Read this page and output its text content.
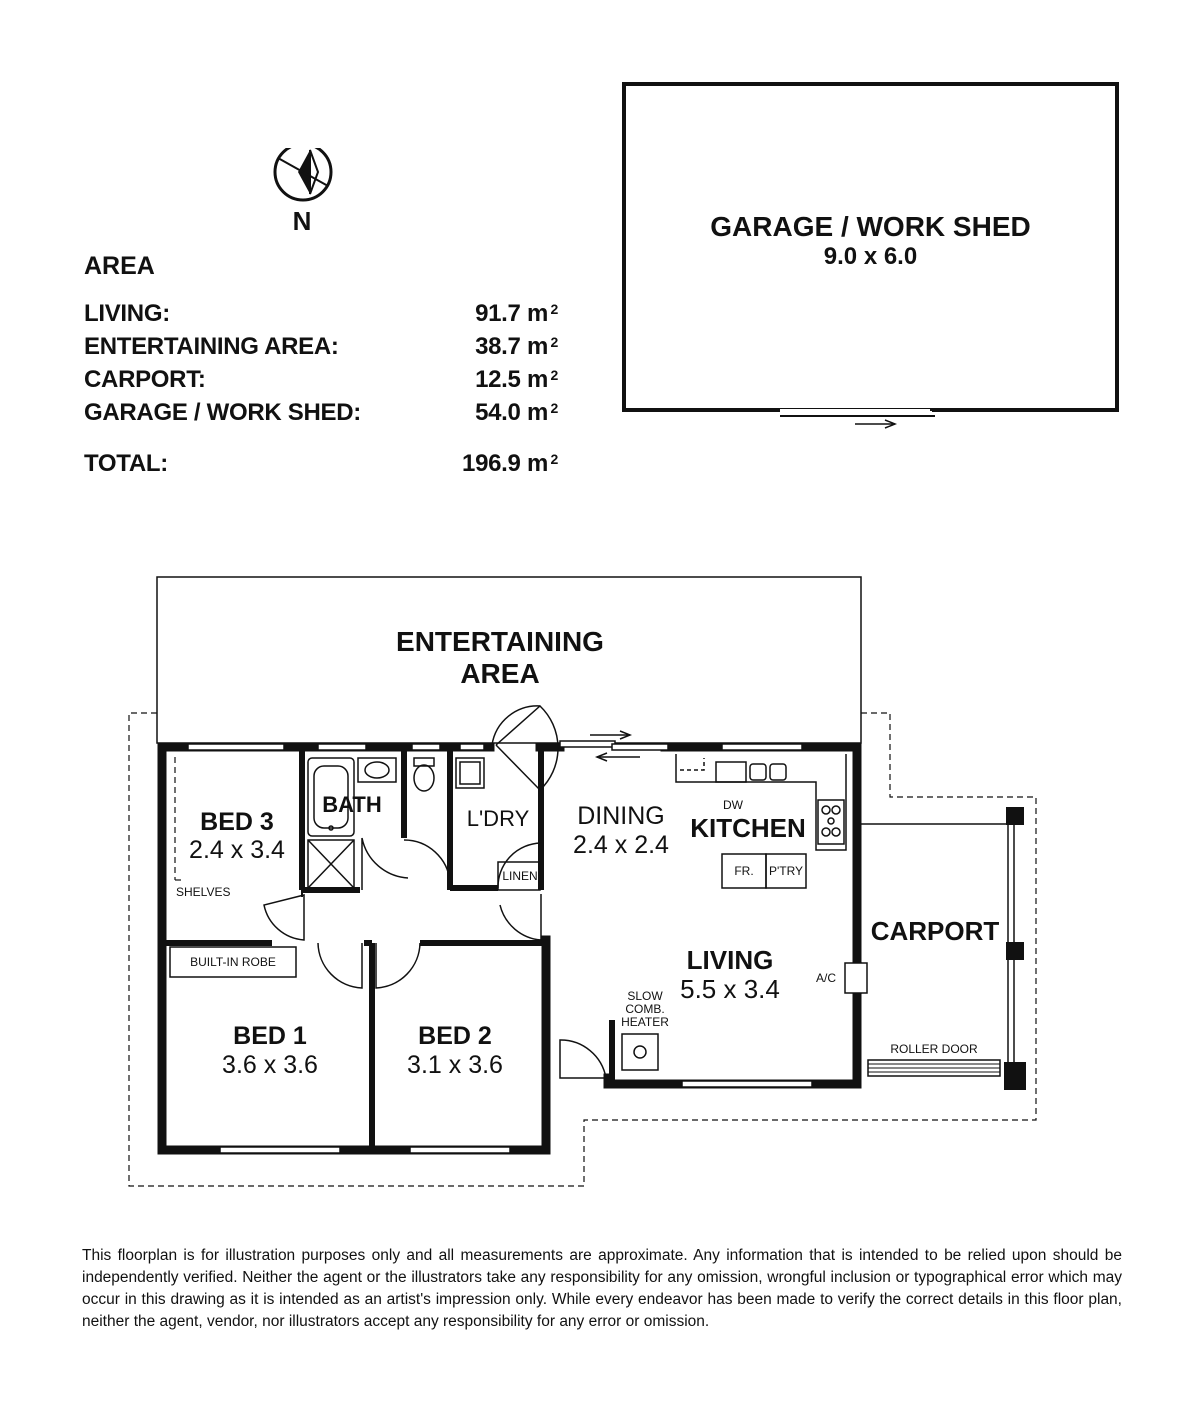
N
AREA
LIVING:	91.7 m 2
ENTERTAINING AREA:	38.7 m 2
CARPORT:	12.5 m 2
GARAGE / WORK SHED:	54.0 m 2
TOTAL:	196.9 m 2
GARAGE / WORK SHED
9.0 x 6.0
ENTERTAINING
AREA
BED 3
2.4 x 3.4
BATH
L'DRY	DINING
2.4 x 2.4
KITCHEN
CARPORT
LIVING
5.5 x 3.4
BED 1
3.6 x 3.6
BED 2
3.1 x 3.6
SHELVES
LINEN
DW
FR.	P'TRY
BUILT-IN ROBE
A/C
SLOW
COMB.
HEATER
ROLLER DOOR
This floorplan is for illustration purposes only and all measurements are approximate. Any information that is intended to be relied upon should be independently verified. Neither the agent or the illustrators take any responsibility for any omission, wrongful inclusion or typographical error which may occur in this drawing as it is intended as an artist's impression only. While every endeavor has been made to verify the correct details in this floor plan, neither the agent, vendor, nor illustrators accept any responsibility for any error or omission.
